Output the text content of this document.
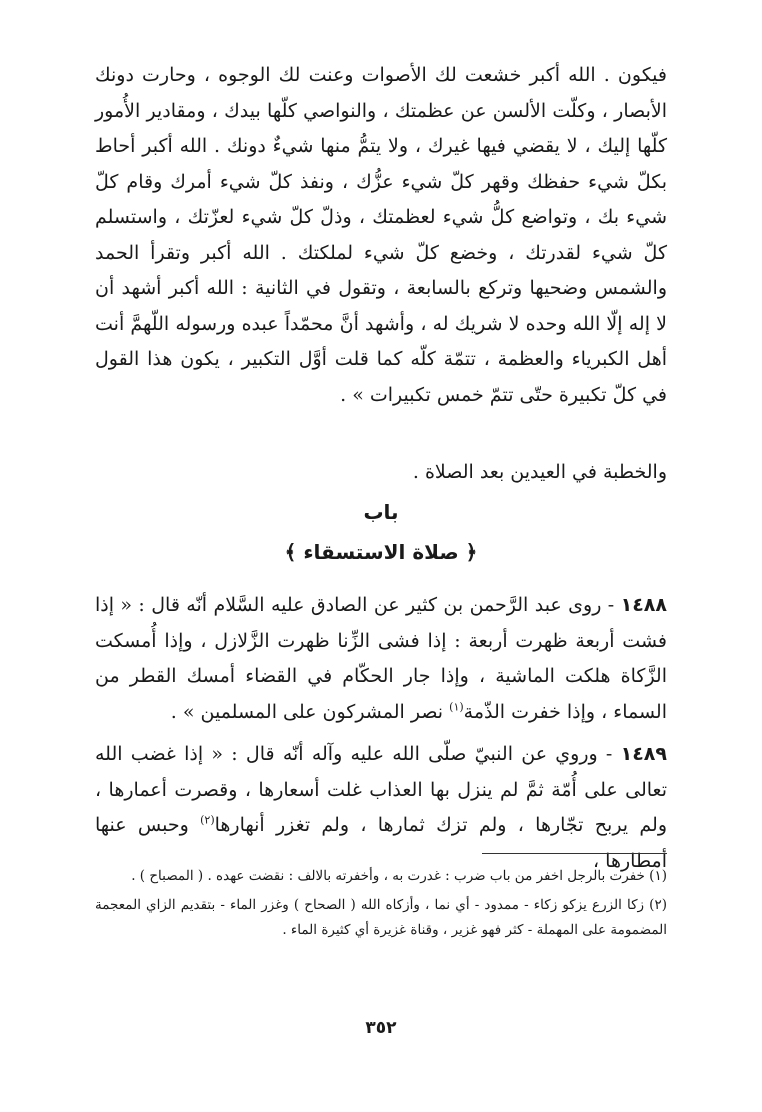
فيكون . الله أكبر خشعت لك الأصوات وعنت لك الوجوه ، وحارت دونك الأبصار ، وكلّت الألسن عن عظمتك ، والنواصي كلّها بيدك ، ومقادير الأُمور كلّها إليك ، لا يقضي فيها غيرك ، ولا يتمُّ منها شيءٌ دونك . الله أكبر أحاط بكلّ شيء حفظك وقهر كلّ شيء عزُّك ، ونفذ كلّ شيء أمرك وقام كلّ شيء بك ، وتواضع كلُّ شيء لعظمتك ، وذلّ كلّ شيء لعزّتك ، واستسلم كلّ شيء لقدرتك ، وخضع كلّ شيء لملكتك . الله أكبر وتقرأ الحمد والشمس وضحيها وتركع بالسابعة ، وتقول في الثانية : الله أكبر أشهد أن لا إله إلّا الله وحده لا شريك له ، وأشهد أنَّ محمّداً عبده ورسوله اللّهمَّ أنت أهل الكبرياء والعظمة ، تتمّة كلّه كما قلت أوَّل التكبير ، يكون هذا القول في كلّ تكبيرة حتّى تتمّ خمس تكبيرات » .

والخطبة في العيدين بعد الصلاة .

باب
﴿ صلاة الاستسقاء ﴾

١٤٨٨ - روى عبد الرَّحمن بن كثير عن الصادق عليه السَّلام أنّه قال : « إذا فشت أربعة ظهرت أربعة : إذا فشى الزِّنا ظهرت الزَّلازل ، وإذا أُمسكت الزَّكاة هلكت الماشية ، وإذا جار الحكّام في القضاء أمسك القطر من السماء ، وإذا خفرت الذّمة$^{(١)}$ نصر المشركون على المسلمين » .

١٤٨٩ - وروي عن النبيّ صلّى الله عليه وآله أنّه قال : « إذا غضب الله تعالى على أُمّة ثمَّ لم ينزل بها العذاب غلت أسعارها ، وقصرت أعمارها ، ولم يربح تجّارها ، ولم تزك ثمارها ، ولم تغزر أنهارها$^{(٢)}$ وحبس عنها أمطارها ،

(١) خفرت بالرجل اخفر من باب ضرب : غدرت به ، وأخفرته بالالف : نقضت عهده . ( المصباح ) .

(٢) زكا الزرع يزكو زكاء - ممدود - أي نما ، وأزكاه الله ( الصحاح ) وغزر الماء - بتقديم الزاي المعجمة المضمومة على المهملة - كثر فهو غزير ، وقناة غزيرة أي كثيرة الماء .

٣٥٢
